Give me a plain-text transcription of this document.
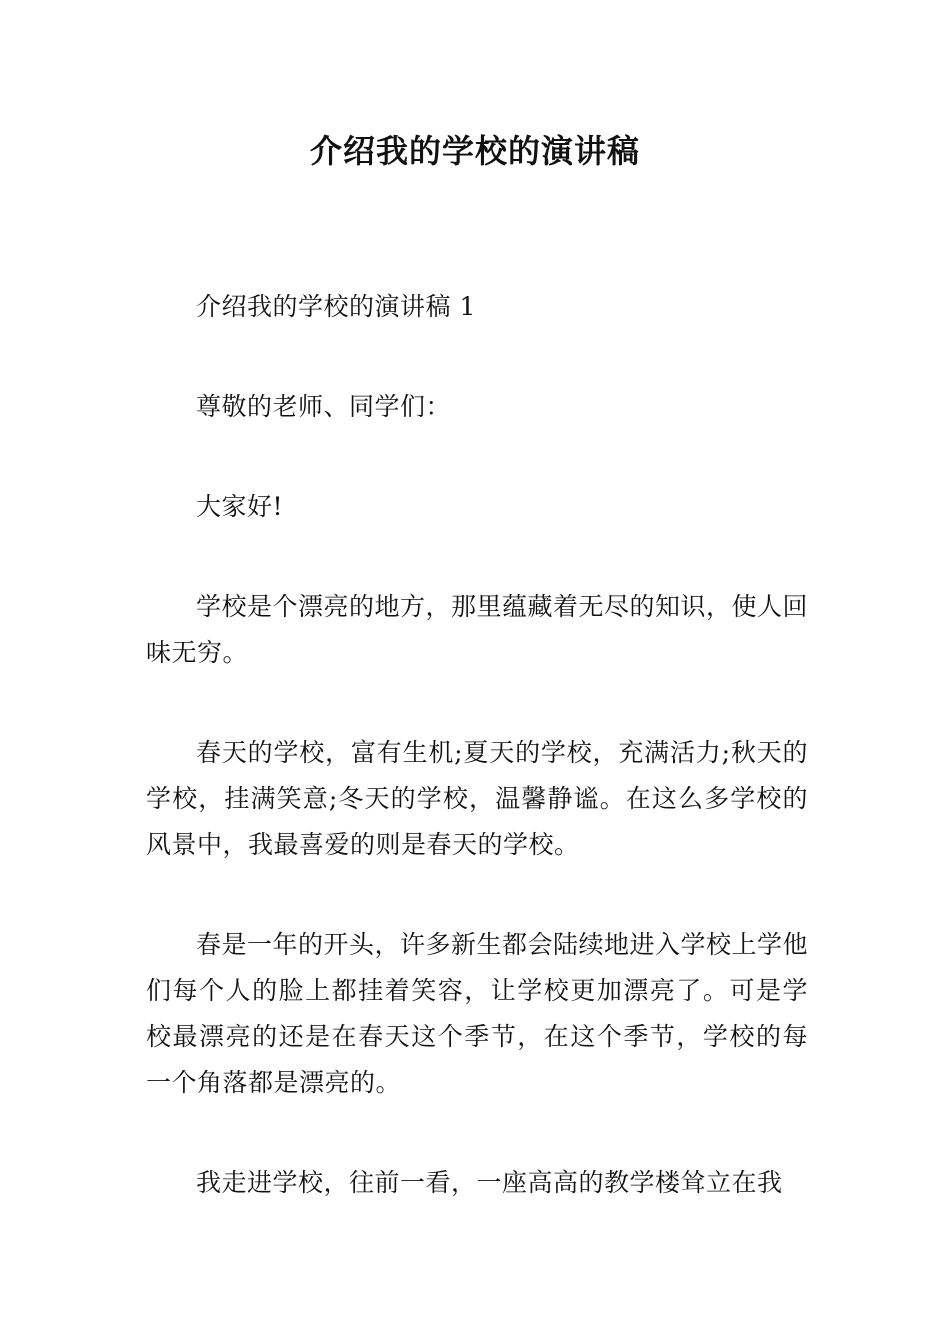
介绍我的学校的演讲稿

介绍我的学校的演讲稿 1

尊敬的老师、同学们：

大家好!

学校是个漂亮的地方，那里蕴藏着无尽的知识，使人回味无穷。

春天的学校，富有生机;夏天的学校，充满活力;秋天的学校，挂满笑意;冬天的学校，温馨静谧。在这么多学校的风景中，我最喜爱的则是春天的学校。

春是一年的开头，许多新生都会陆续地进入学校上学他们每个人的脸上都挂着笑容，让学校更加漂亮了。可是学校最漂亮的还是在春天这个季节，在这个季节，学校的每一个角落都是漂亮的。

我走进学校，往前一看，一座高高的教学楼耸立在我
